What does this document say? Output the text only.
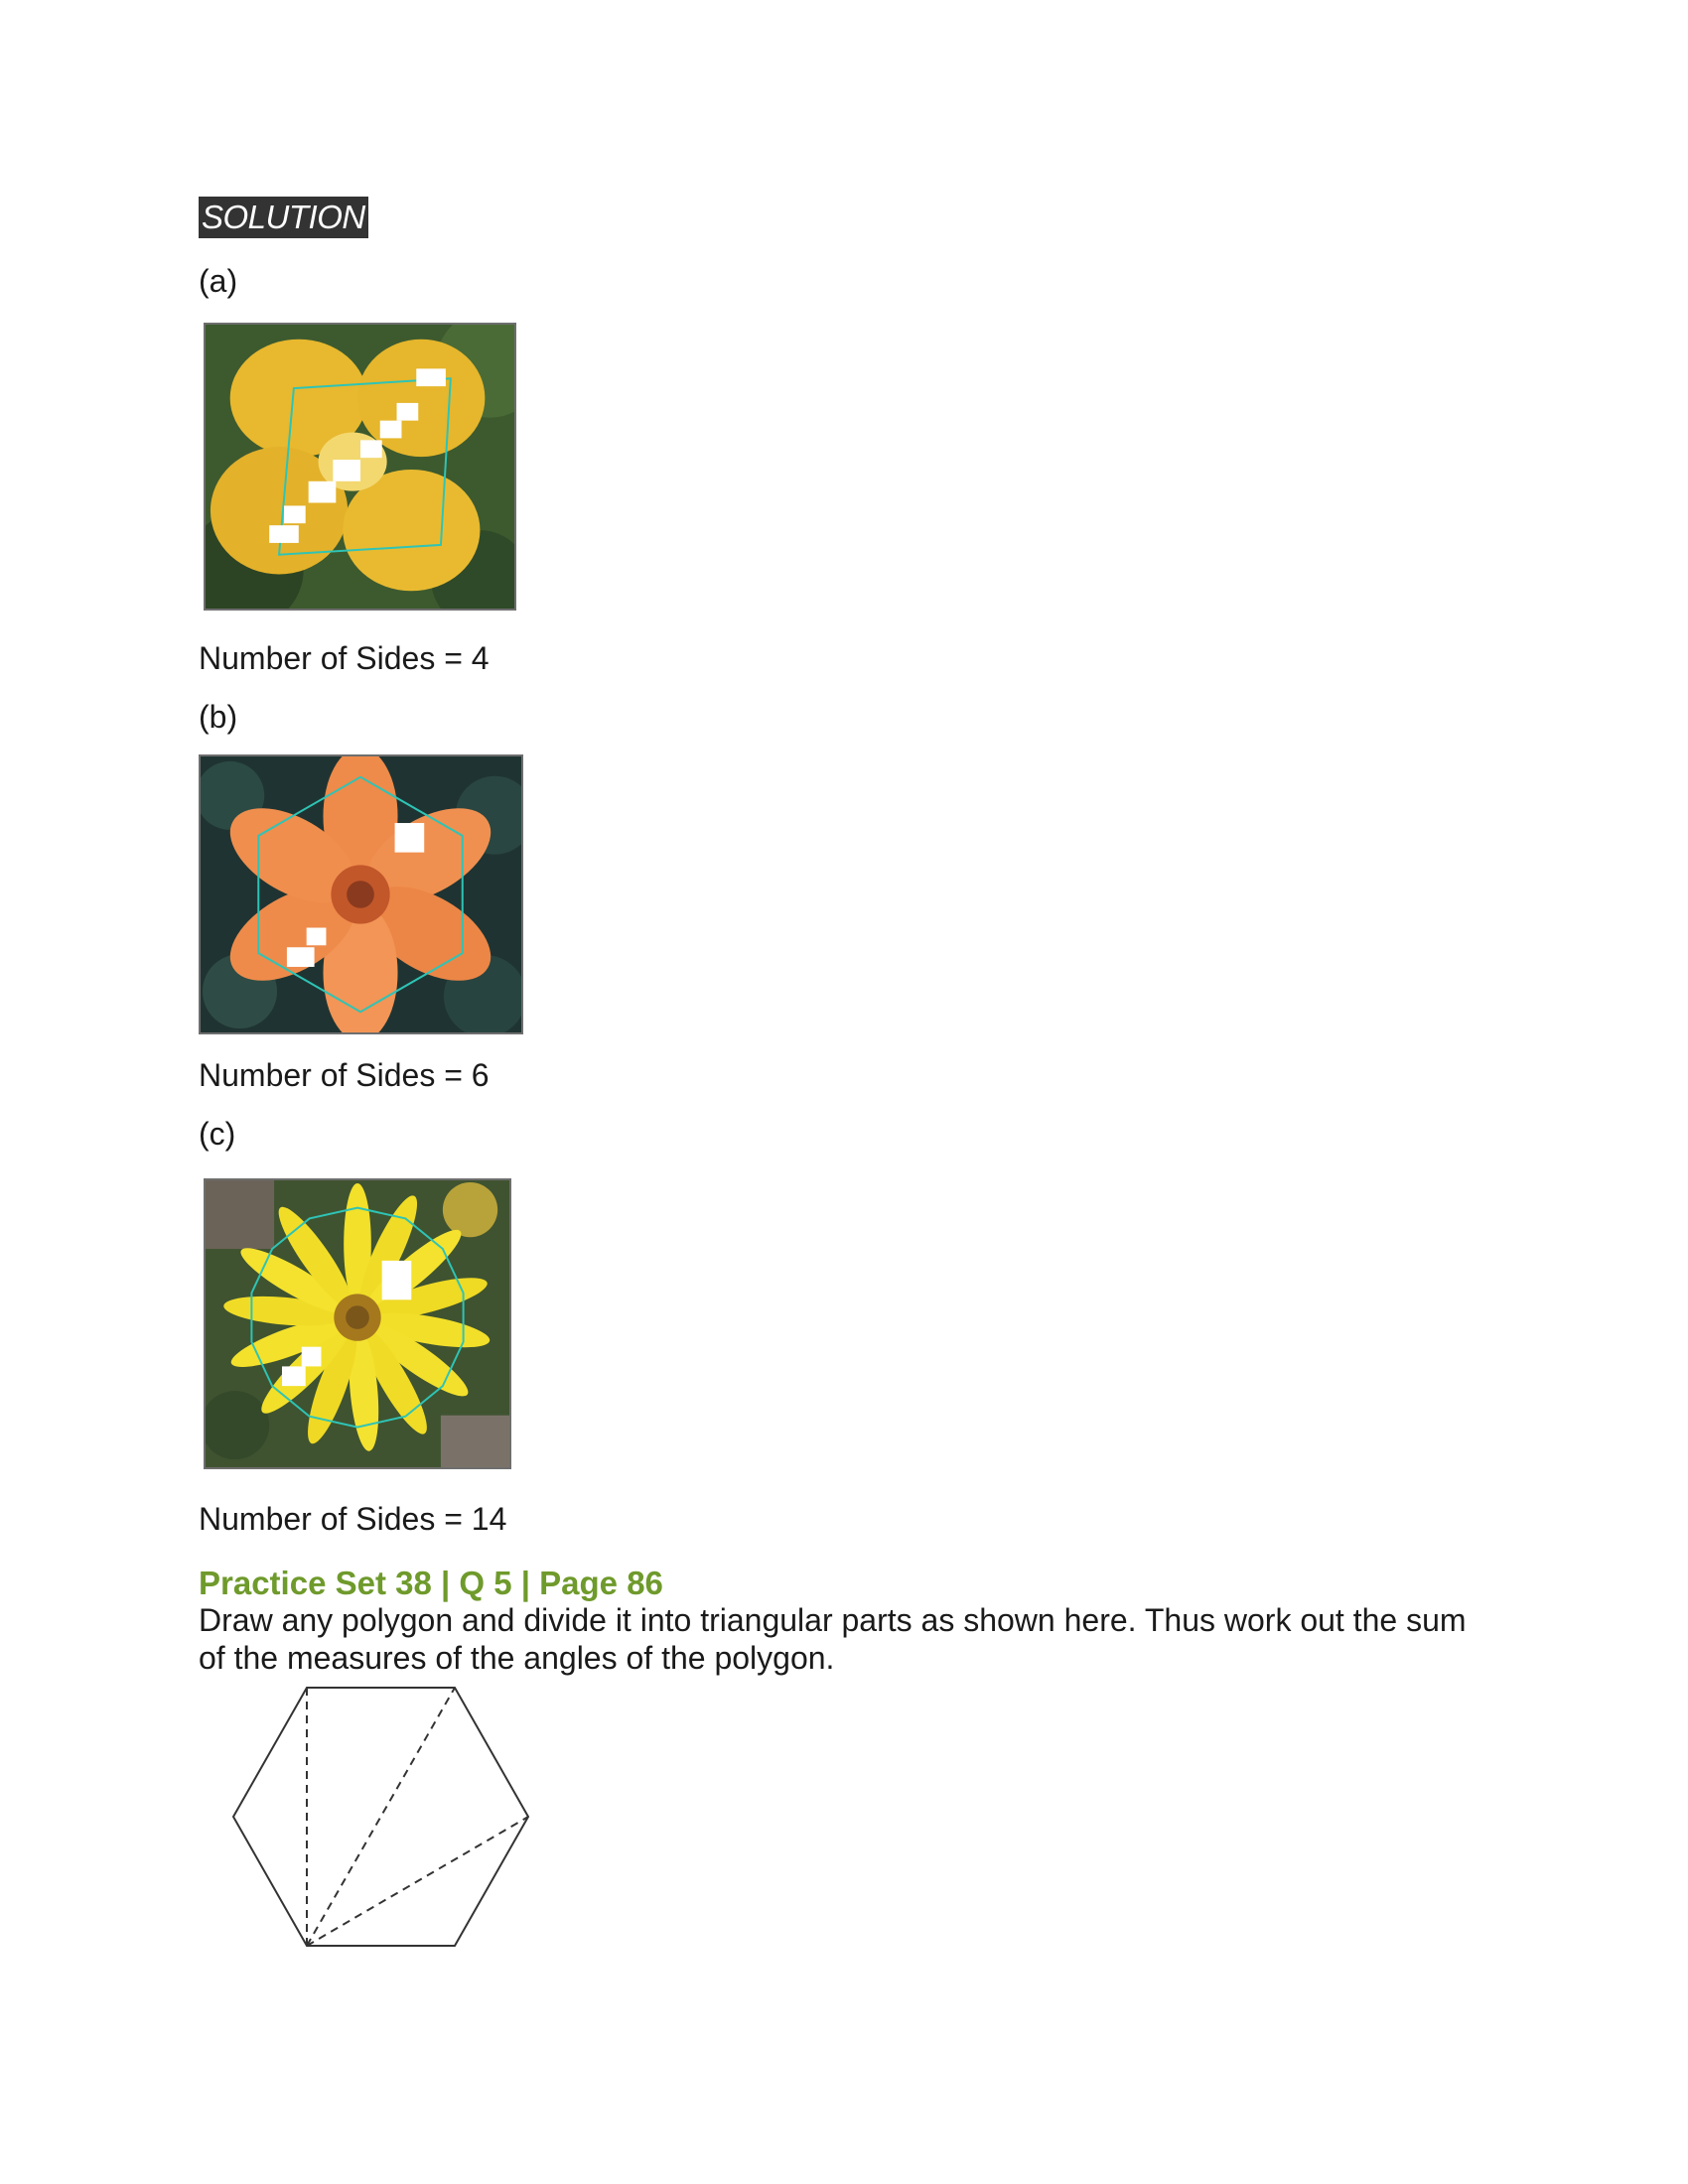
SOLUTION
(a)
Number of Sides = 4
(b)
Number of Sides = 6
(c)
Number of Sides = 14
Practice Set 38 | Q 5 | Page 86
Draw any polygon and divide it into triangular parts as shown here. Thus work out the sum of the measures of the angles of the polygon.
